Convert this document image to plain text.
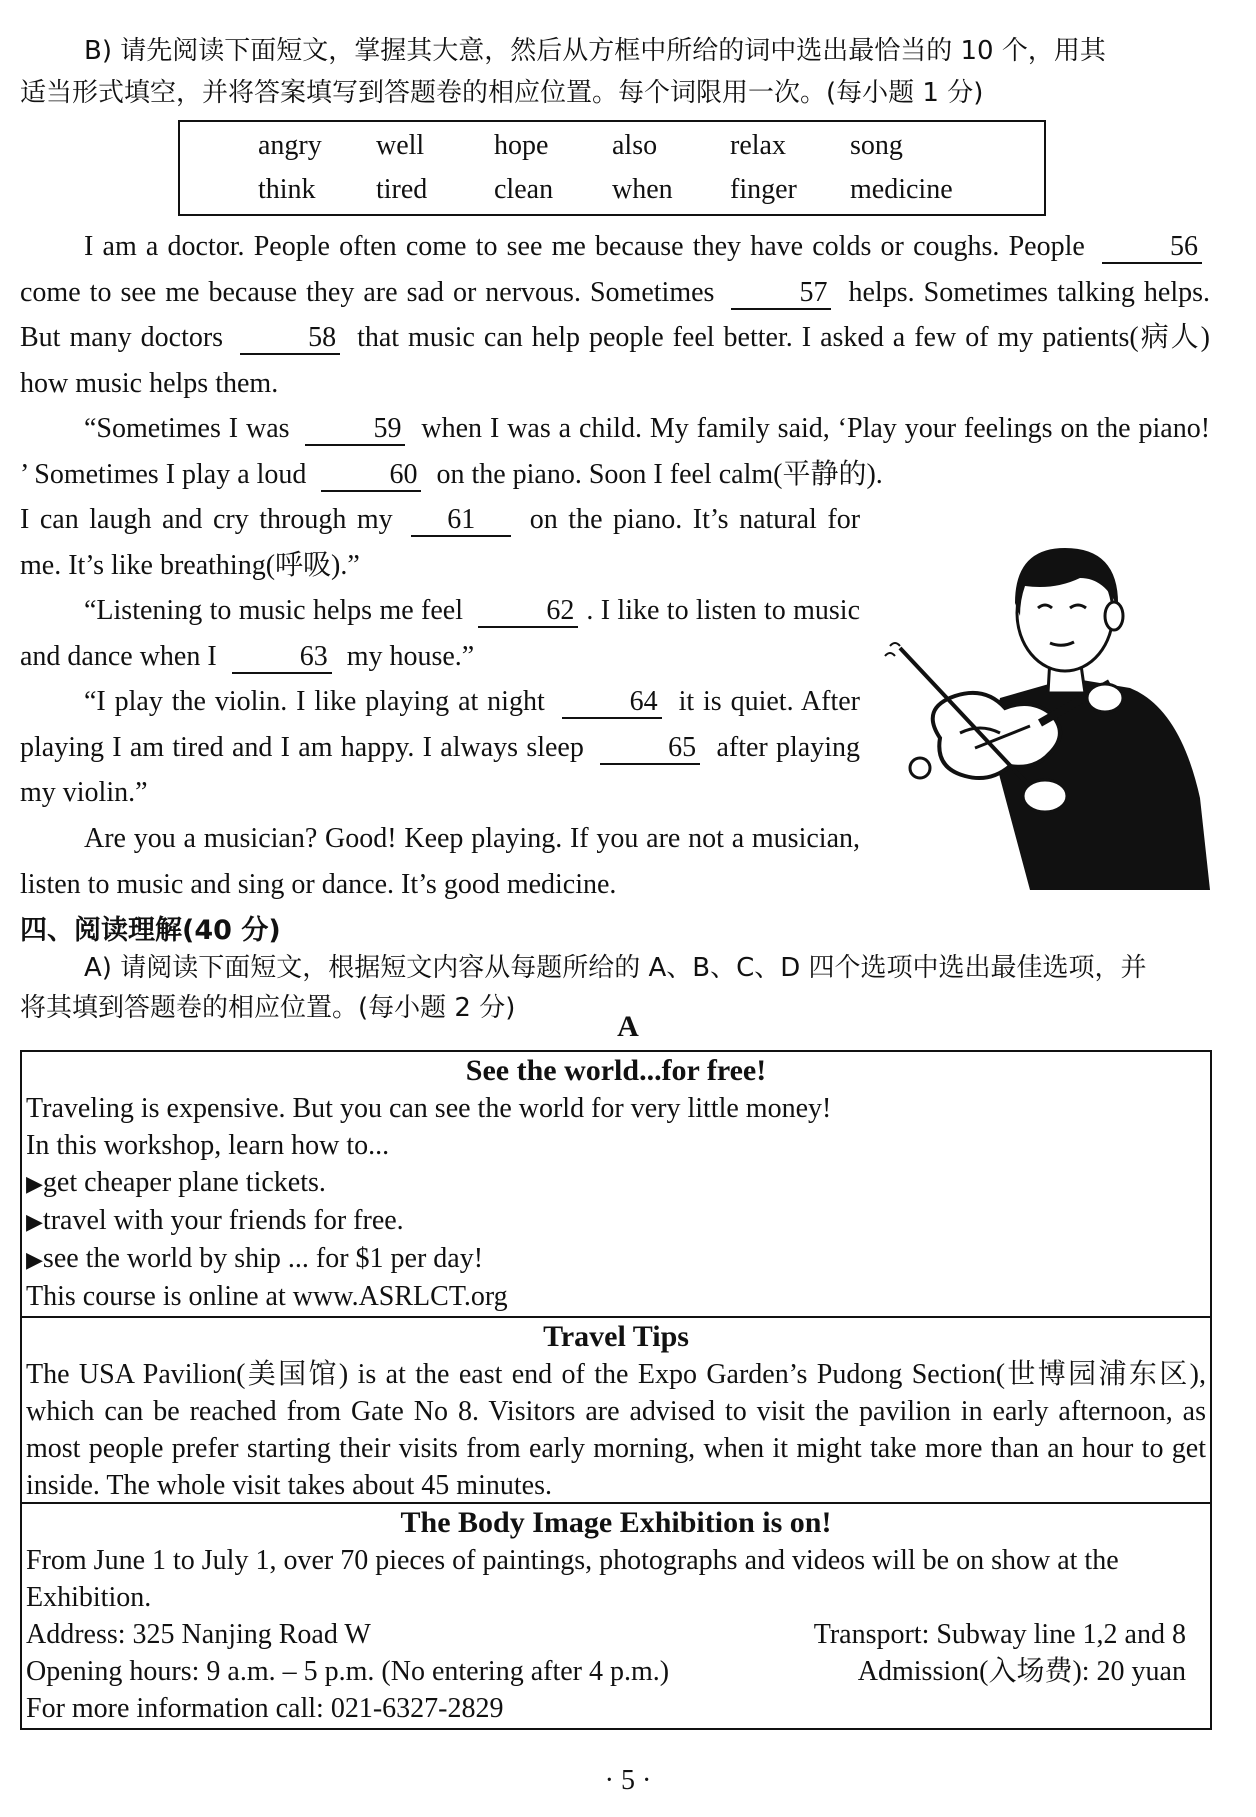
B) 请先阅读下面短文，掌握其大意，然后从方框中所给的词中选出最恰当的 10 个，用其
适当形式填空，并将答案填写到答题卷的相应位置。每个词限用一次。(每小题 1 分)
angry well hope also	relax song
think tired clean when finger medicine
I am a doctor. People often come to see me because they have colds or coughs. People	56 come to see me because they are sad or nervous. Sometimes	57 helps. Sometimes talking helps. But many doctors	58 that music can help people feel better. I asked a few of my patients(病人) how music helps them.
“Sometimes I was	59 when I was a child. My family said, ‘Play your feelings on the piano! ’ Sometimes I play a loud	60 on the piano. Soon I feel calm(平静的).
I can laugh and cry through my 61 on the piano. It’s natural for me. It’s like breathing(呼吸).”
“Listening to music helps me feel	62 . I like to listen to music and dance when I	63 my house.”
“I play the violin. I like playing at night	64 it is quiet. After playing I am tired and I am happy. I always sleep	65 after playing my violin.”
Are you a musician? Good! Keep playing. If you are not a musician, listen to music and sing or dance. It’s good medicine.
四、阅读理解(40 分)
A) 请阅读下面短文，根据短文内容从每题所给的 A、B、C、D 四个选项中选出最佳选项，并
将其填到答题卷的相应位置。(每小题 2 分)
A
See the world...for free!
Traveling is expensive. But you can see the world for very little money!
In this workshop, learn how to...
▶get cheaper plane tickets.
▶travel with your friends for free.
▶see the world by ship ... for $1 per day!
This course is online at www.ASRLCT.org
Travel Tips
The USA Pavilion(美国馆) is at the east end of the Expo Garden’s Pudong Section(世博园浦东区), which can be reached from Gate No 8. Visitors are advised to visit the pavilion in early afternoon, as most people prefer starting their visits from early morning, when it might take more than an hour to get inside. The whole visit takes about 45 minutes.
The Body Image Exhibition is on!
From June 1 to July 1, over 70 pieces of paintings, photographs and videos will be on show at the Exhibition.
Address: 325 Nanjing Road W	Transport: Subway line 1,2 and 8
Opening hours: 9 a.m. – 5 p.m. (No entering after 4 p.m.)	Admission(入场费): 20 yuan
For more information call: 021-6327-2829
· 5 ·
